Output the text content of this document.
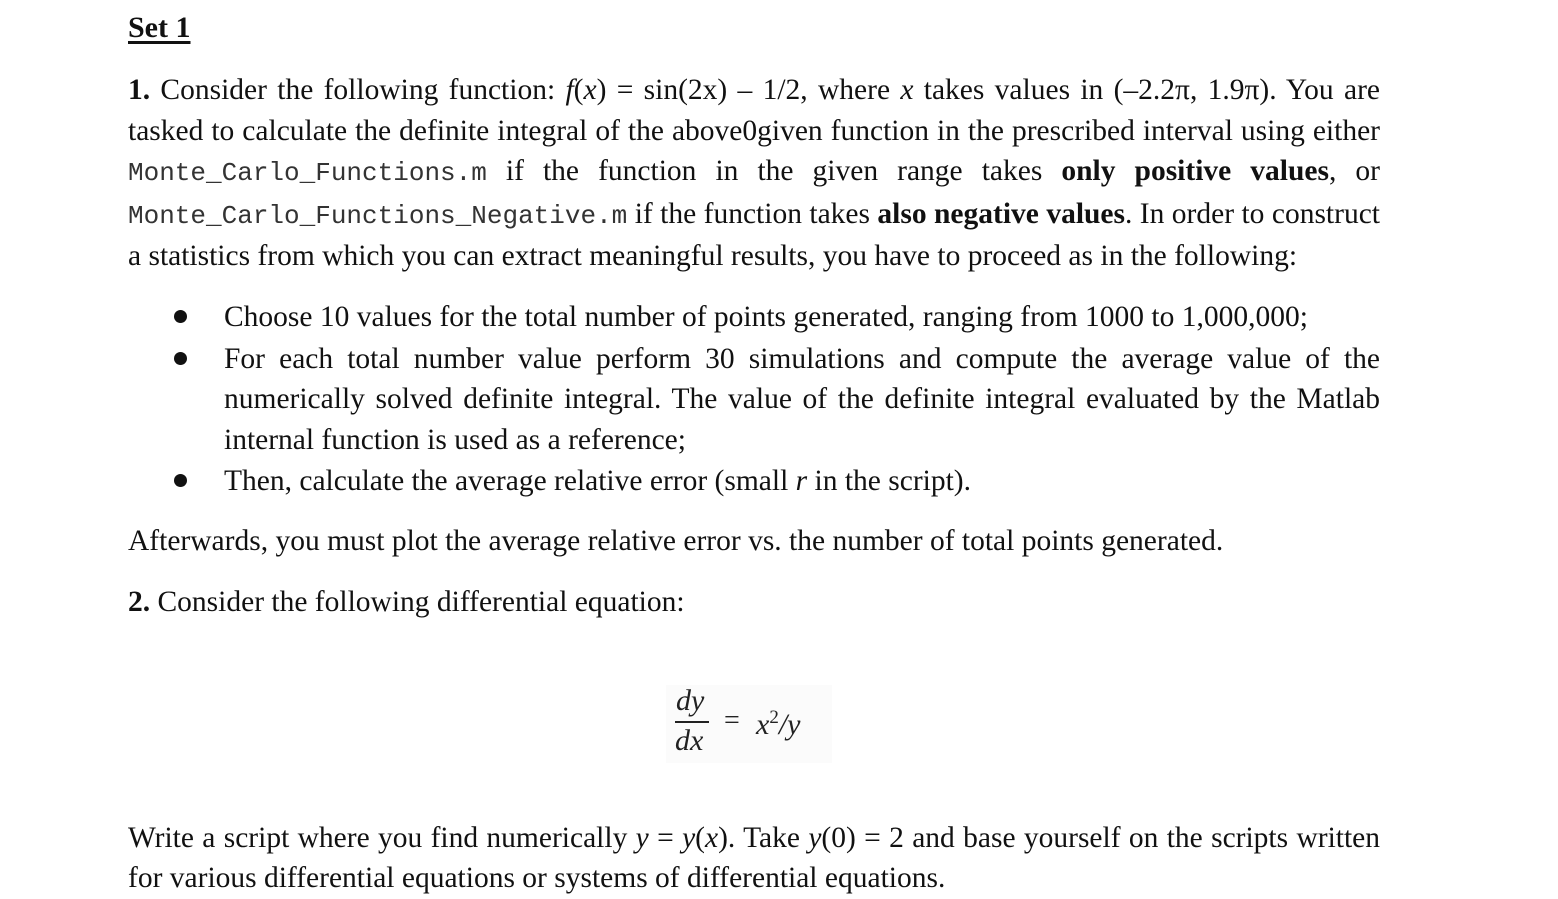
Set 1

1. Consider the following function: f(x) = sin(2x) – 1/2, where x takes values in (–2.2π, 1.9π). You are tasked to calculate the definite integral of the above0given function in the prescribed interval using either Monte_Carlo_Functions.m if the function in the given range takes only positive values, or Monte_Carlo_Functions_Negative.m if the function takes also negative values. In order to construct a statistics from which you can extract meaningful results, you have to proceed as in the following:

Choose 10 values for the total number of points generated, ranging from 1000 to 1,000,000;
For each total number value perform 30 simulations and compute the average value of the numerically solved definite integral. The value of the definite integral evaluated by the Matlab internal function is used as a reference;
Then, calculate the average relative error (small r in the script).

Afterwards, you must plot the average relative error vs. the number of total points generated.

2. Consider the following differential equation:

dy
dx
= $x^2/y$

Write a script where you find numerically y = y(x). Take y(0) = 2 and base yourself on the scripts written for various differential equations or systems of differential equations.
